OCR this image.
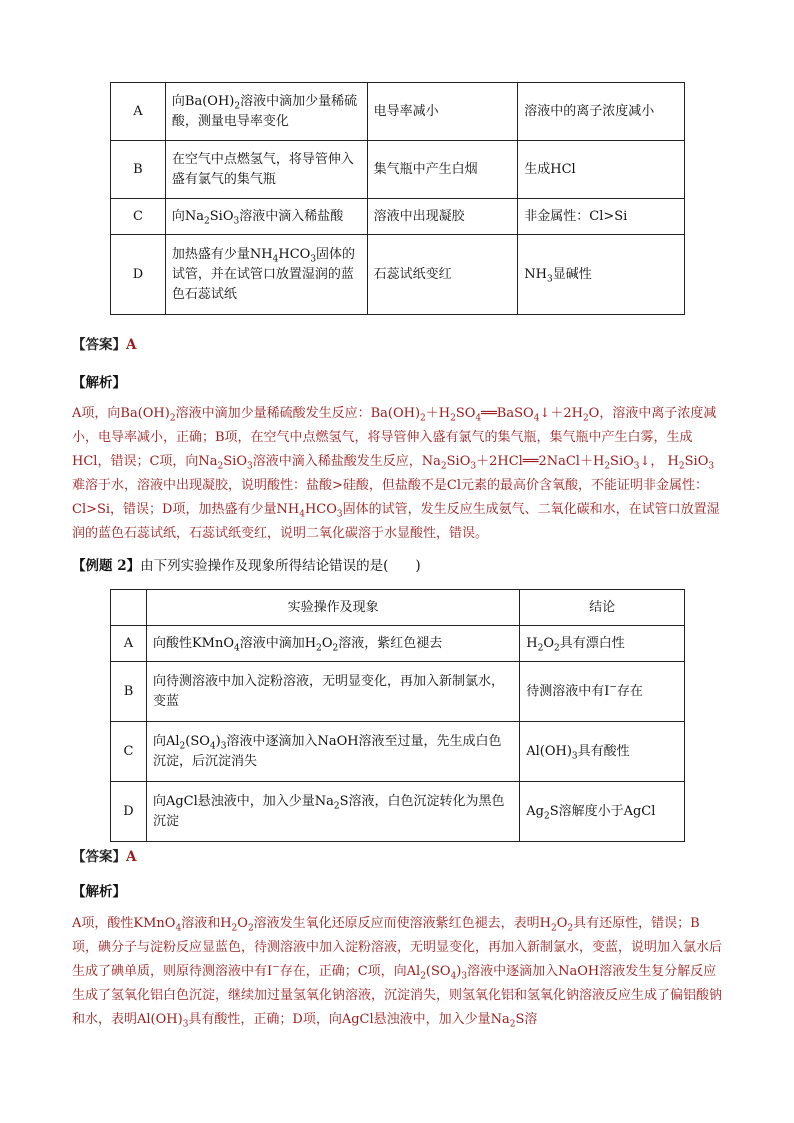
A	向$Ba(OH)_2$溶液中滴加少量稀硫酸，测量电导率变化	电导率减小	溶液中的离子浓度减小
B	在空气中点燃氢气，将导管伸入盛有氯气的集气瓶	集气瓶中产生白烟	生成HCl
C	向$Na_2SiO_3$溶液中滴入稀盐酸	溶液中出现凝胶	非金属性：Cl>Si
D	加热盛有少量$NH_4HCO_3$固体的试管，并在试管口放置湿润的蓝色石蕊试纸	石蕊试纸变红	$NH_3$显碱性
【答案】A
【解析】
A项，向$Ba(OH)_2$溶液中滴加少量稀硫酸发生反应：$Ba(OH)_2+H_2SO_4══BaSO_4↓+2H_2O$，溶液中离子浓度减小，电导率减小，正确；B项，在空气中点燃氢气，将导管伸入盛有氯气的集气瓶，集气瓶中产生白雾，生成HCl，错误；C项，向$Na_2SiO_3$溶液中滴入稀盐酸发生反应，$Na_2SiO_3+2HCl══2NaCl+H_2SiO_3↓$， $H_2SiO_3$难溶于水，溶液中出现凝胶，说明酸性：盐酸>硅酸，但盐酸不是Cl元素的最高价含氧酸，不能证明非金属性：Cl>Si，错误；D项，加热盛有少量$NH_4HCO_3$固体的试管，发生反应生成氨气、二氧化碳和水，在试管口放置湿润的蓝色石蕊试纸，石蕊试纸变红，说明二氧化碳溶于水显酸性，错误。
【例题 2】由下列实验操作及现象所得结论错误的是(　　)
	实验操作及现象	结论
A	向酸性KMnO$_4$溶液中滴加$H_2O_2$溶液，紫红色褪去	$H_2O_2$具有漂白性
B	向待测溶液中加入淀粉溶液，无明显变化，再加入新制氯水，变蓝	待测溶液中有I−存在
C	向$Al_2(SO_4)_3$溶液中逐滴加入NaOH溶液至过量，先生成白色沉淀，后沉淀消失	$Al(OH)_3$具有酸性
D	向AgCl悬浊液中，加入少量$Na_2S$溶液，白色沉淀转化为黑色沉淀	$Ag_2S$溶解度小于AgCl
【答案】A
【解析】
A项，酸性KMnO$_4$溶液和$H_2O_2$溶液发生氧化还原反应而使溶液紫红色褪去，表明$H_2O_2$具有还原性，错误；B项，碘分子与淀粉反应显蓝色，待测溶液中加入淀粉溶液，无明显变化，再加入新制氯水，变蓝，说明加入氯水后生成了碘单质，则原待测溶液中有I−存在，正确；C项，向$Al_2(SO_4)_3$溶液中逐滴加入NaOH溶液发生复分解反应生成了氢氧化铝白色沉淀，继续加过量氢氧化钠溶液，沉淀消失，则氢氧化铝和氢氧化钠溶液反应生成了偏铝酸钠和水，表明$Al(OH)_3$具有酸性，正确；D项，向AgCl悬浊液中，加入少量$Na_2S$溶
